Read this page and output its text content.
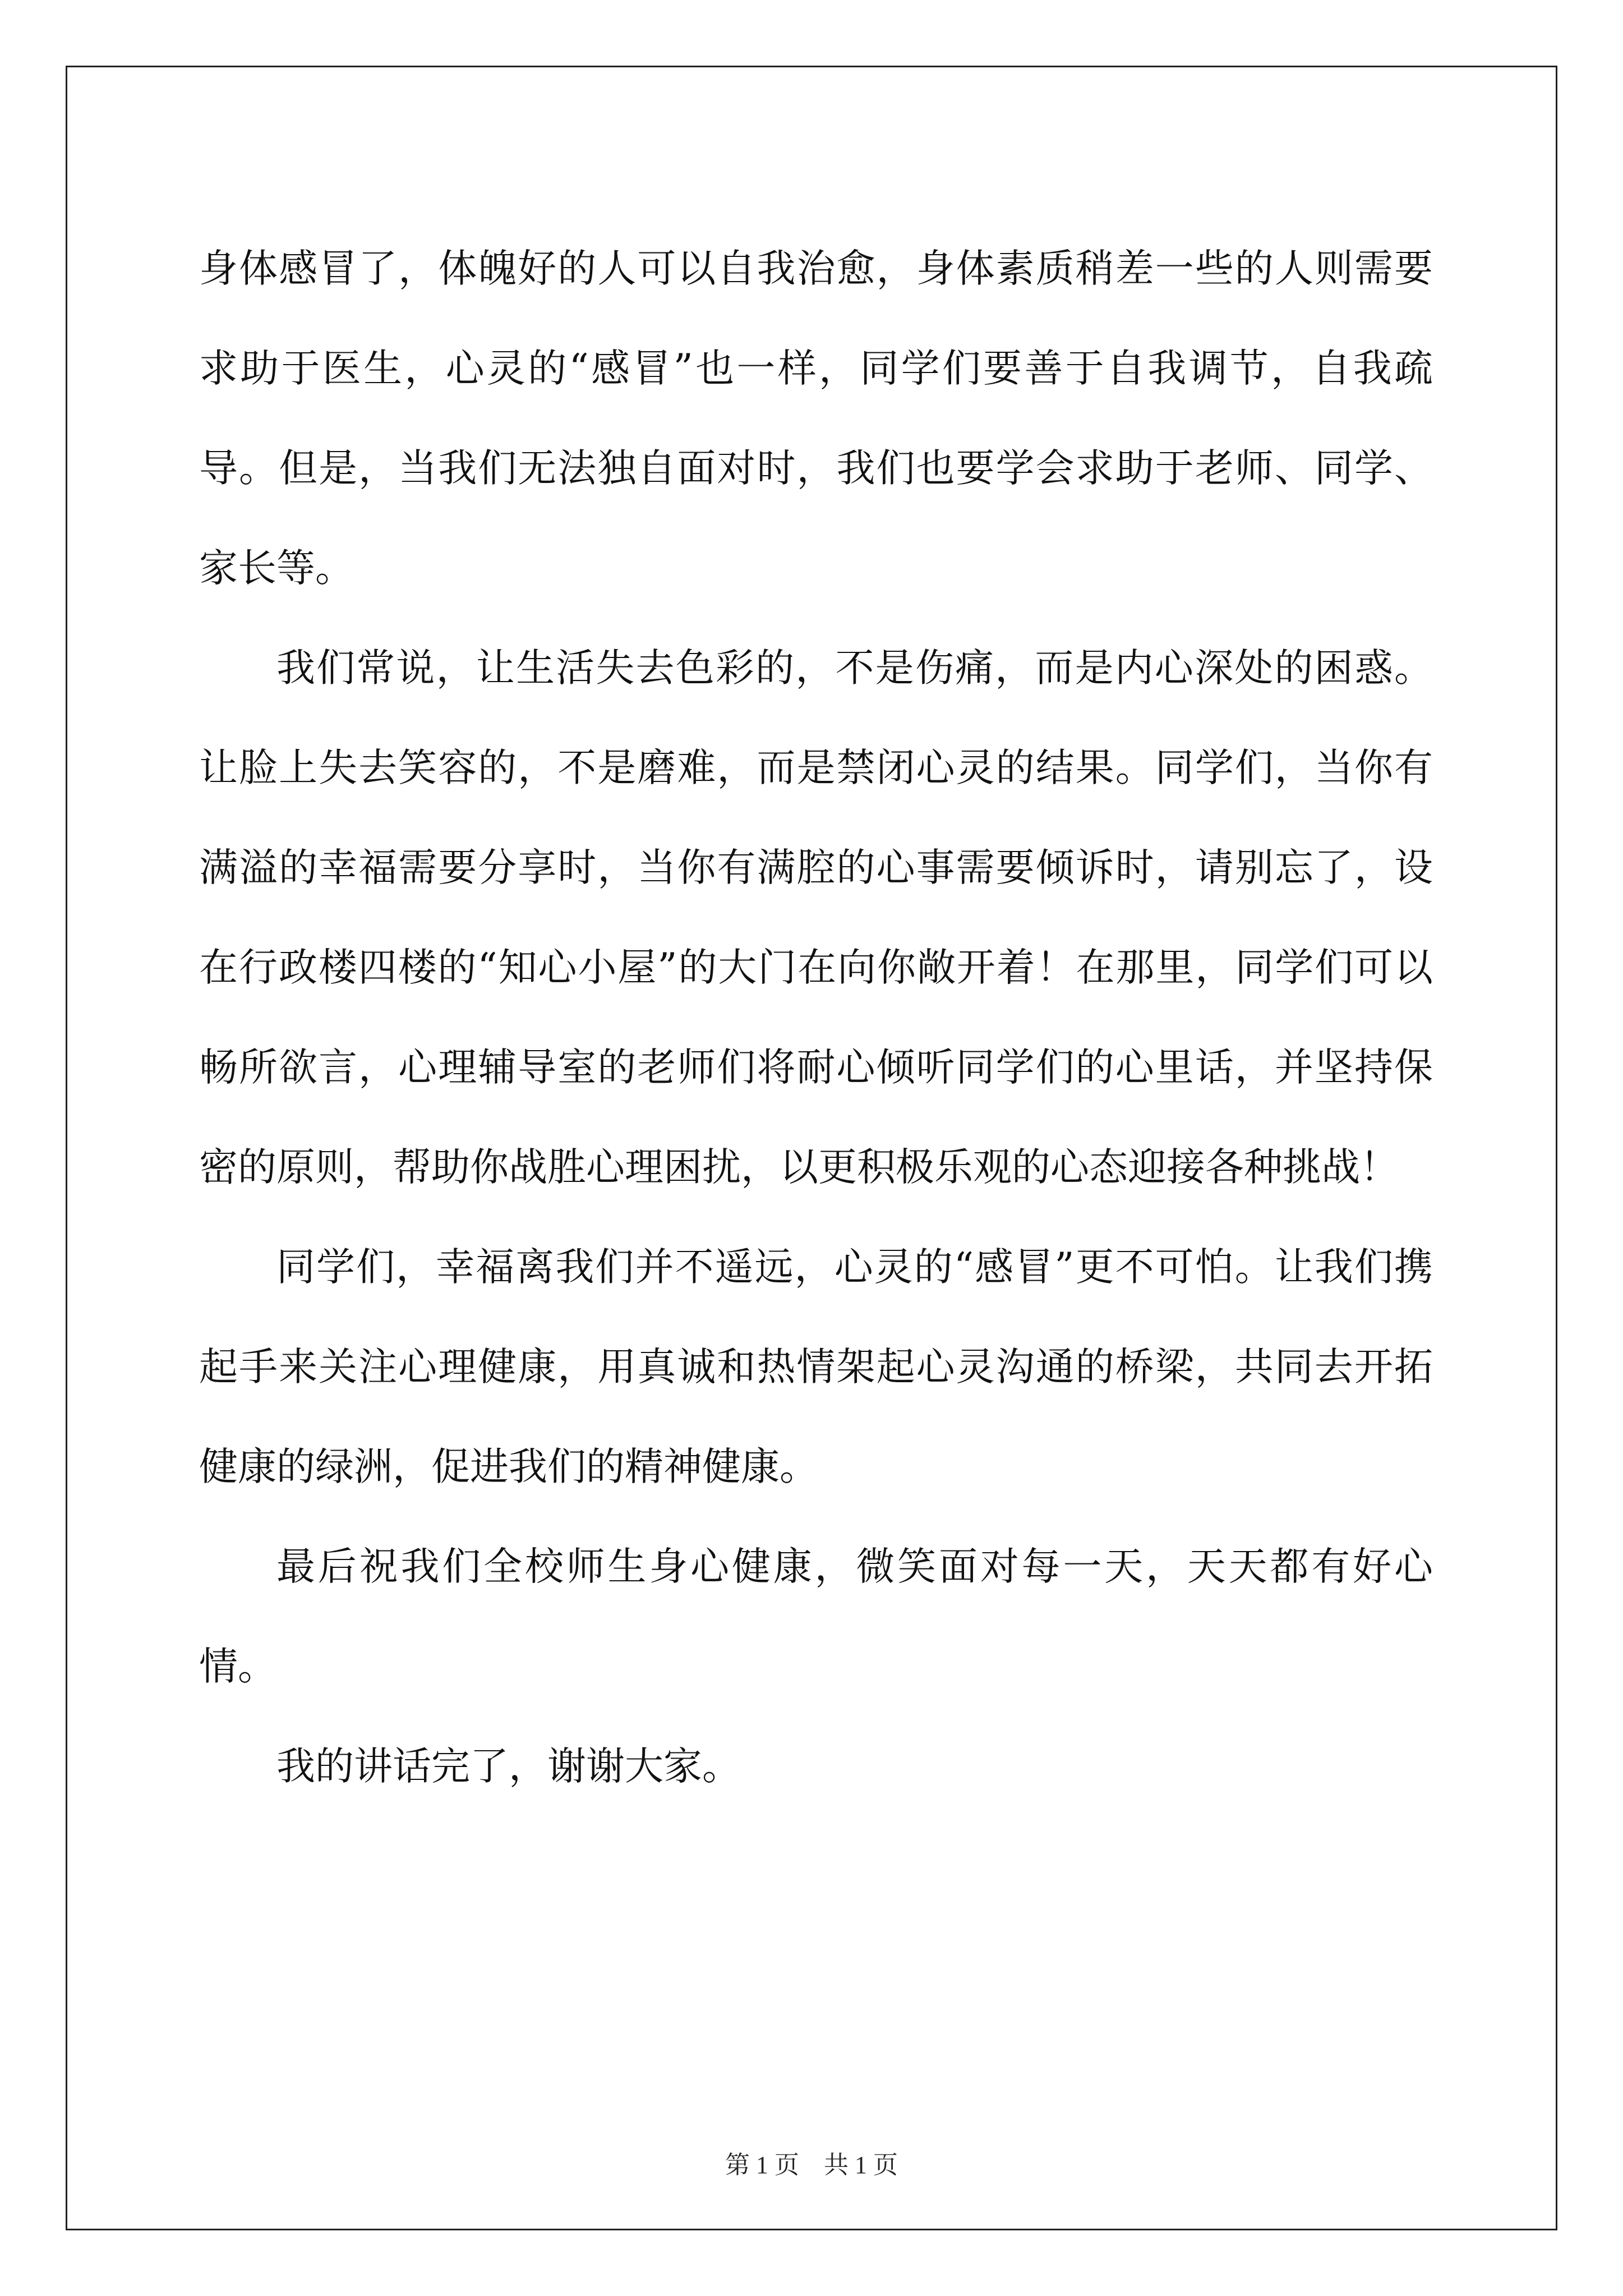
身体感冒了，体魄好的人可以自我治愈，身体素质稍差一些的人则需要求助于医生，心灵的“感冒”也一样，同学们要善于自我调节，自我疏导。但是，当我们无法独自面对时，我们也要学会求助于老师、同学、家长等。

我们常说，让生活失去色彩的，不是伤痛，而是内心深处的困惑。让脸上失去笑容的，不是磨难，而是禁闭心灵的结果。同学们，当你有满溢的幸福需要分享时，当你有满腔的心事需要倾诉时，请别忘了，设在行政楼四楼的“知心小屋”的大门在向你敞开着！在那里，同学们可以畅所欲言，心理辅导室的老师们将耐心倾听同学们的心里话，并坚持保密的原则，帮助你战胜心理困扰，以更积极乐观的心态迎接各种挑战！

同学们，幸福离我们并不遥远，心灵的“感冒”更不可怕。让我们携起手来关注心理健康，用真诚和热情架起心灵沟通的桥梁，共同去开拓健康的绿洲，促进我们的精神健康。

最后祝我们全校师生身心健康，微笑面对每一天，天天都有好心情。

我的讲话完了，谢谢大家。

第 1 页 共 1 页
